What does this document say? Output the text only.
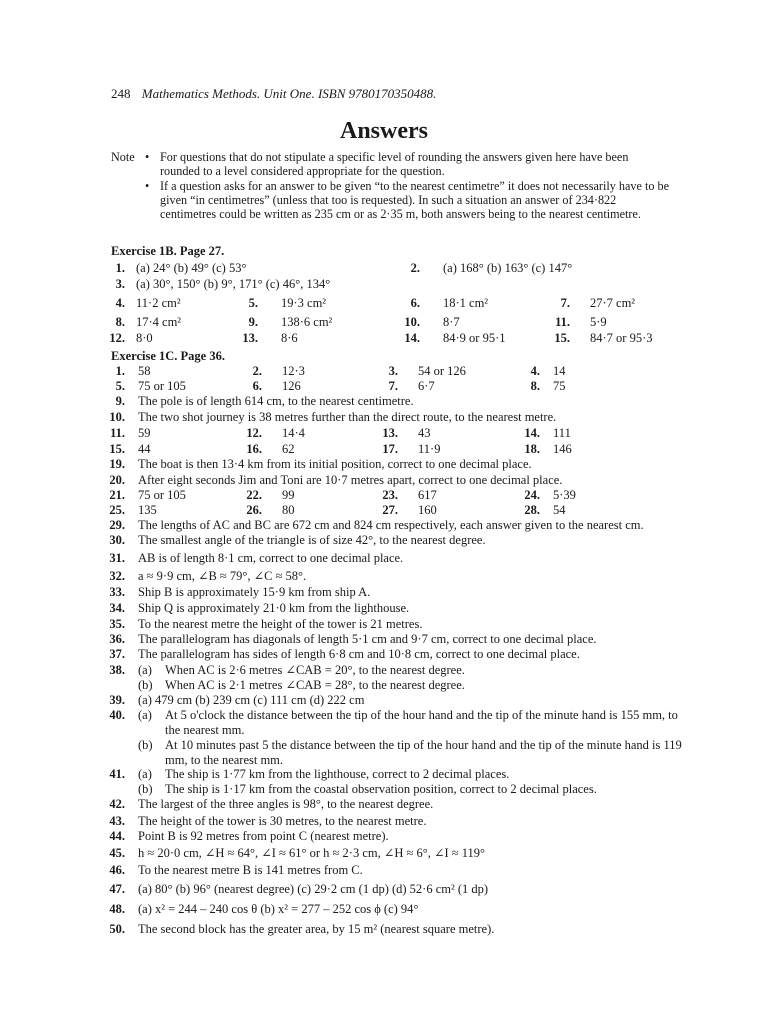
248 Mathematics Methods. Unit One. ISBN 9780170350488.
Answers
Note • For questions that do not stipulate a specific level of rounding the answers given here have been rounded to a level considered appropriate for the question.
• If a question asks for an answer to be given “to the nearest centimetre” it does not necessarily have to be given “in centimetres” (unless that too is requested). In such a situation an answer of 234·822 centimetres could be written as 235 cm or as 2·35 m, both answers being to the nearest centimetre.
Exercise 1B. Page 27.
1. (a) 24° (b) 49° (c) 53°	2. (a) 168° (b) 163° (c) 147°
3. (a) 30°, 150° (b) 9°, 171° (c) 46°, 134°
4. 11·2 cm²	5. 19·3 cm²	6. 18·1 cm²	7. 27·7 cm²
8. 17·4 cm²	9. 138·6 cm²	10. 8·7	11. 5·9
12. 8·0	13. 8·6	14. 84·9 or 95·1	15. 84·7 or 95·3
Exercise 1C. Page 36.
1. 58	2. 12·3	3. 54 or 126	4. 14
5. 75 or 105	6. 126	7. 6·7	8. 75
9. The pole is of length 614 cm, to the nearest centimetre.
10. The two shot journey is 38 metres further than the direct route, to the nearest metre.
11. 59	12. 14·4	13. 43	14. 111
15. 44	16. 62	17. 11·9	18. 146
19. The boat is then 13·4 km from its initial position, correct to one decimal place.
20. After eight seconds Jim and Toni are 10·7 metres apart, correct to one decimal place.
21. 75 or 105	22. 99	23. 617	24. 5·39
25. 135	26. 80	27. 160	28. 54
29. The lengths of AC and BC are 672 cm and 824 cm respectively, each answer given to the nearest cm.
30. The smallest angle of the triangle is of size 42°, to the nearest degree.
31. AB is of length 8·1 cm, correct to one decimal place.
32. a ≈ 9·9 cm, ∠B ≈ 79°, ∠C ≈ 58°.
33. Ship B is approximately 15·9 km from ship A.
34. Ship Q is approximately 21·0 km from the lighthouse.
35. To the nearest metre the height of the tower is 21 metres.
36. The parallelogram has diagonals of length 5·1 cm and 9·7 cm, correct to one decimal place.
37. The parallelogram has sides of length 6·8 cm and 10·8 cm, correct to one decimal place.
38. (a) When AC is 2·6 metres ∠CAB = 20°, to the nearest degree.
(b) When AC is 2·1 metres ∠CAB = 28°, to the nearest degree.
39. (a) 479 cm (b) 239 cm (c) 111 cm (d) 222 cm
40. (a) At 5 o'clock the distance between the tip of the hour hand and the tip of the minute hand is 155 mm, to the nearest mm.
(b) At 10 minutes past 5 the distance between the tip of the hour hand and the tip of the minute hand is 119 mm, to the nearest mm.
41. (a) The ship is 1·77 km from the lighthouse, correct to 2 decimal places.
(b) The ship is 1·17 km from the coastal observation position, correct to 2 decimal places.
42. The largest of the three angles is 98°, to the nearest degree.
43. The height of the tower is 30 metres, to the nearest metre.
44. Point B is 92 metres from point C (nearest metre).
45. h ≈ 20·0 cm, ∠H ≈ 64°, ∠I ≈ 61° or h ≈ 2·3 cm, ∠H ≈ 6°, ∠I ≈ 119°
46. To the nearest metre B is 141 metres from C.
47. (a) 80° (b) 96° (nearest degree) (c) 29·2 cm (1 dp) (d) 52·6 cm² (1 dp)
48. (a) x² = 244 – 240 cos θ (b) x² = 277 – 252 cos ϕ (c) 94°
50. The second block has the greater area, by 15 m² (nearest square metre).
